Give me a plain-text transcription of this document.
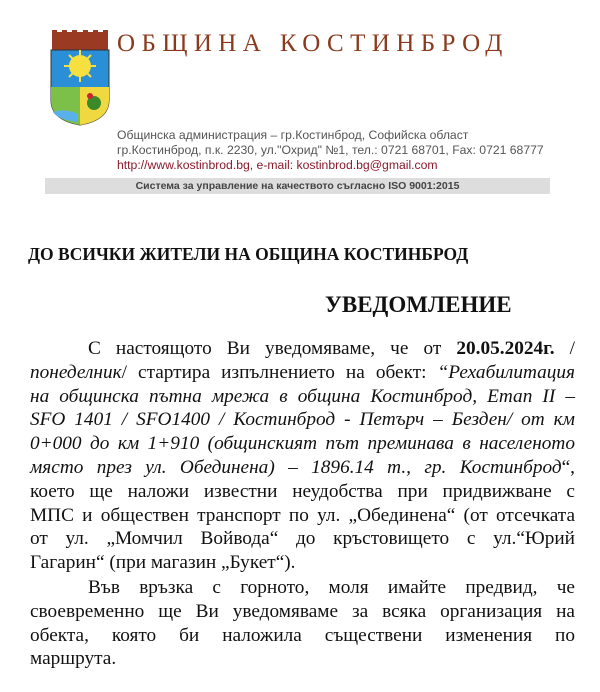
ОБЩИНА КОСТИНБРОД
Общинска администрация – гр.Костинброд, Софийска област
гр.Костинброд, п.к. 2230, ул."Охрид" №1, тел.: 0721 68701, Fax: 0721 68777
http://www.kostinbrod.bg, e-mail: kostinbrod.bg@gmail.com
Система за управление на качеството съгласно ISO 9001:2015
ДО ВСИЧКИ ЖИТЕЛИ НА ОБЩИНА КОСТИНБРОД
УВЕДОМЛЕНИЕ
С настоящото Ви уведомяваме, че от 20.05.2024г. /
понеделник/ стартира изпълнението на обект: “Рехабилитация
на общинска пътна мрежа в община Костинброд, Етап II –
SFO 1401 / SFO1400 / Костинброд - Петърч – Безден/ от км
0+000 до км 1+910 (общинският път преминава в населеното
място през ул. Обединена) – 1896.14 т., гр. Костинброд“,
което ще наложи известни неудобства при придвижване с
МПС и обществен транспорт по ул. „Обединена“ (от отсечката
от ул. „Момчил Войвода“ до кръстовището с ул.“Юрий
Гагарин“ (при магазин „Букет“).
Във връзка с горното, моля имайте предвид, че
своевременно ще Ви уведомяваме за всяка организация на
обекта, която би наложила съществени изменения по
маршрута.
